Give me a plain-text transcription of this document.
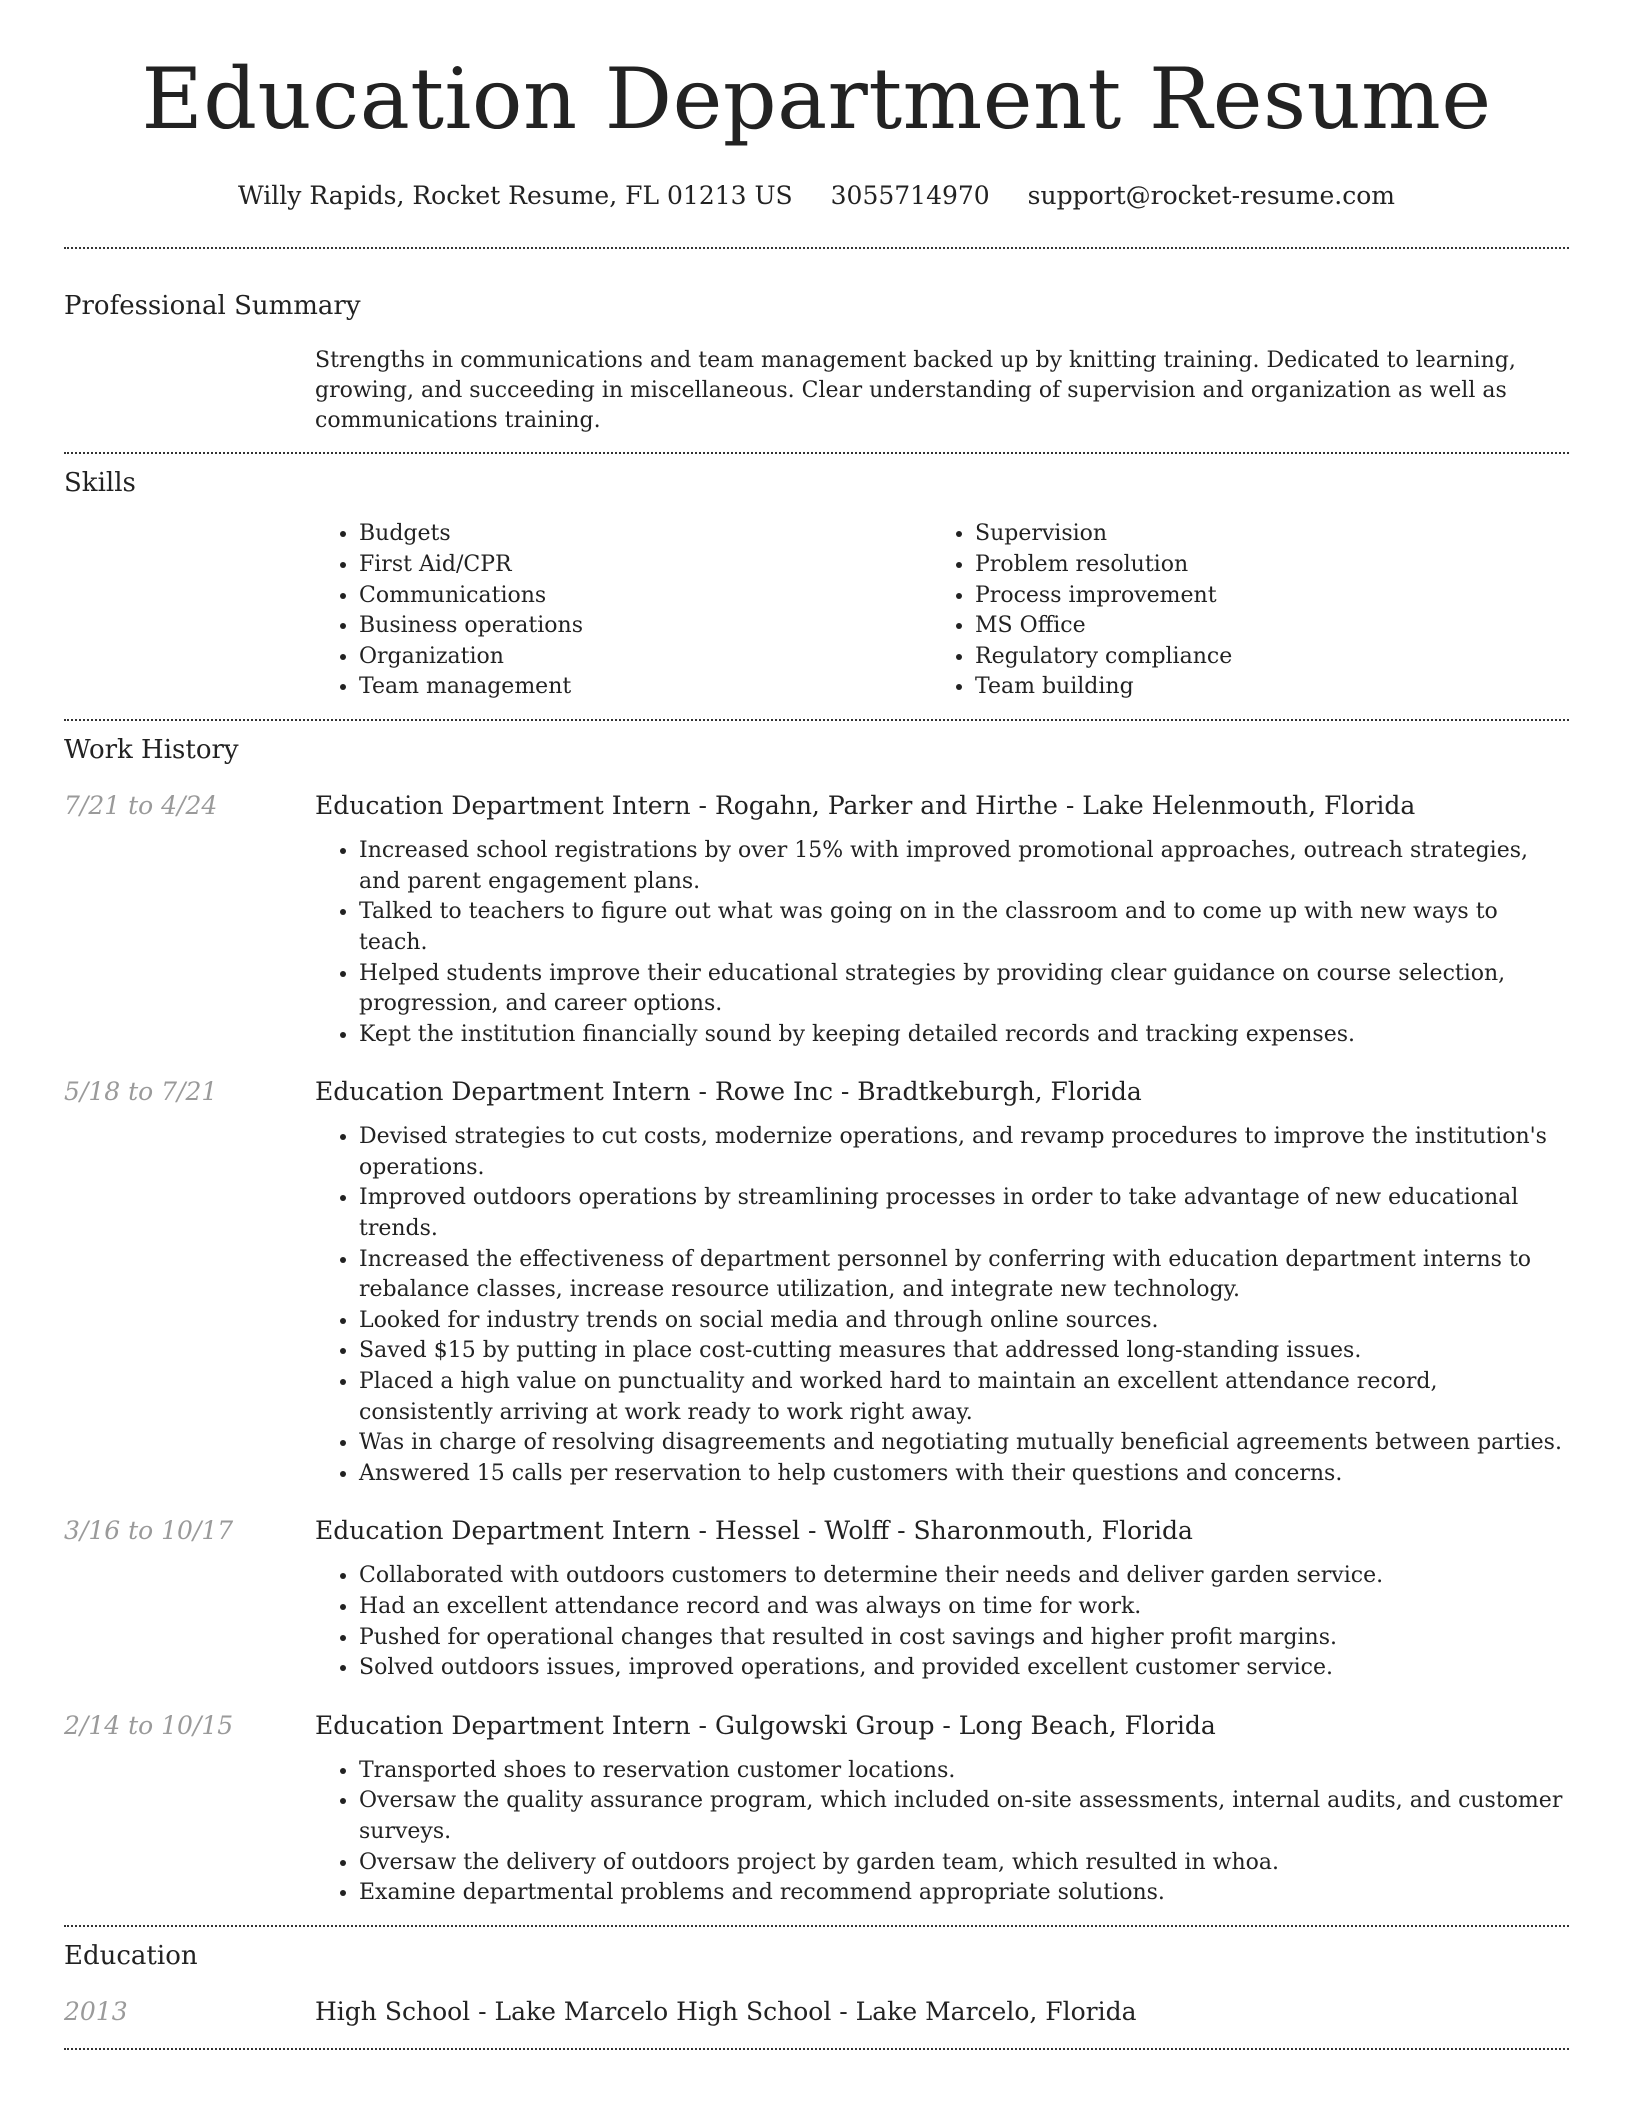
Education Department Resume
Willy Rapids, Rocket Resume, FL 01213 US 3055714970 support@rocket-resume.com
Professional Summary
Strengths in communications and team management backed up by knitting training. Dedicated to learning, growing, and succeeding in miscellaneous. Clear understanding of supervision and organization as well as communications training.
Skills
• Budgets
• First Aid/CPR
• Communications
• Business operations
• Organization
• Team management
• Supervision
• Problem resolution
• Process improvement
• MS Office
• Regulatory compliance
• Team building
Work History
7/21 to 4/24	Education Department Intern - Rogahn, Parker and Hirthe - Lake Helenmouth, Florida
• Increased school registrations by over 15% with improved promotional approaches, outreach strategies, and parent engagement plans.
• Talked to teachers to figure out what was going on in the classroom and to come up with new ways to teach.
• Helped students improve their educational strategies by providing clear guidance on course selection, progression, and career options.
• Kept the institution financially sound by keeping detailed records and tracking expenses.
5/18 to 7/21	Education Department Intern - Rowe Inc - Bradtkeburgh, Florida
• Devised strategies to cut costs, modernize operations, and revamp procedures to improve the institution's operations.
• Improved outdoors operations by streamlining processes in order to take advantage of new educational trends.
• Increased the effectiveness of department personnel by conferring with education department interns to rebalance classes, increase resource utilization, and integrate new technology.
• Looked for industry trends on social media and through online sources.
• Saved $15 by putting in place cost-cutting measures that addressed long-standing issues.
• Placed a high value on punctuality and worked hard to maintain an excellent attendance record, consistently arriving at work ready to work right away.
• Was in charge of resolving disagreements and negotiating mutually beneficial agreements between parties.
• Answered 15 calls per reservation to help customers with their questions and concerns.
3/16 to 10/17	Education Department Intern - Hessel - Wolff - Sharonmouth, Florida
• Collaborated with outdoors customers to determine their needs and deliver garden service.
• Had an excellent attendance record and was always on time for work.
• Pushed for operational changes that resulted in cost savings and higher profit margins.
• Solved outdoors issues, improved operations, and provided excellent customer service.
2/14 to 10/15	Education Department Intern - Gulgowski Group - Long Beach, Florida
• Transported shoes to reservation customer locations.
• Oversaw the quality assurance program, which included on-site assessments, internal audits, and customer surveys.
• Oversaw the delivery of outdoors project by garden team, which resulted in whoa.
• Examine departmental problems and recommend appropriate solutions.
Education
2013	High School - Lake Marcelo High School - Lake Marcelo, Florida
